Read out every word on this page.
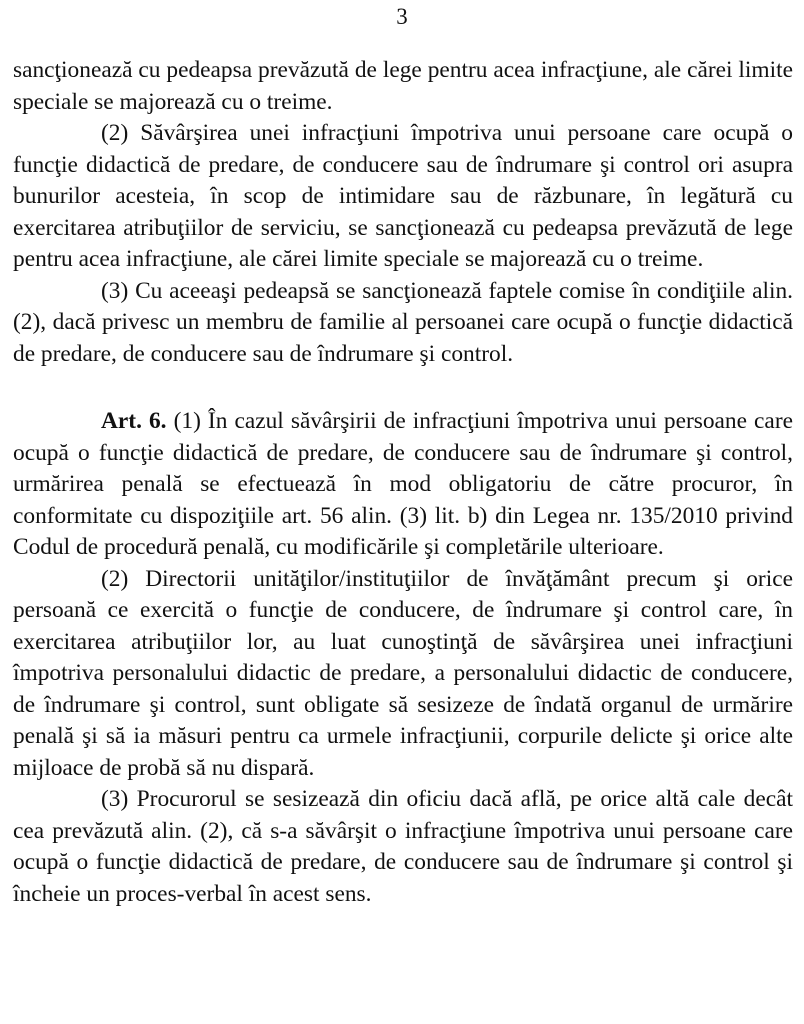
3

sancţionează cu pedeapsa prevăzută de lege pentru acea infracţiune, ale cărei limite speciale se majorează cu o treime.

(2) Săvârşirea unei infracţiuni împotriva unui persoane care ocupă o funcţie didactică de predare, de conducere sau de îndrumare şi control ori asupra bunurilor acesteia, în scop de intimidare sau de răzbunare, în legătură cu exercitarea atribuţiilor de serviciu, se sancţionează cu pedeapsa prevăzută de lege pentru acea infracţiune, ale cărei limite speciale se majorează cu o treime.

(3) Cu aceeaşi pedeapsă se sancţionează faptele comise în condiţiile alin. (2), dacă privesc un membru de familie al persoanei care ocupă o funcţie didactică de predare, de conducere sau de îndrumare şi control.

Art. 6. (1) În cazul săvârşirii de infracţiuni împotriva unui persoane care ocupă o funcţie didactică de predare, de conducere sau de îndrumare şi control, urmărirea penală se efectuează în mod obligatoriu de către procuror, în conformitate cu dispoziţiile art. 56 alin. (3) lit. b) din Legea nr. 135/2010 privind Codul de procedură penală, cu modificările şi completările ulterioare.

(2) Directorii unităţilor/instituţiilor de învăţământ precum şi orice persoană ce exercită o funcţie de conducere, de îndrumare şi control care, în exercitarea atribuţiilor lor, au luat cunoştinţă de săvârşirea unei infracţiuni împotriva personalului didactic de predare, a personalului didactic de conducere, de îndrumare şi control, sunt obligate să sesizeze de îndată organul de urmărire penală şi să ia măsuri pentru ca urmele infracţiunii, corpurile delicte şi orice alte mijloace de probă să nu dispară.

(3) Procurorul se sesizează din oficiu dacă află, pe orice altă cale decât cea prevăzută alin. (2), că s-a săvârşit o infracţiune împotriva unui persoane care ocupă o funcţie didactică de predare, de conducere sau de îndrumare şi control şi încheie un proces-verbal în acest sens.
